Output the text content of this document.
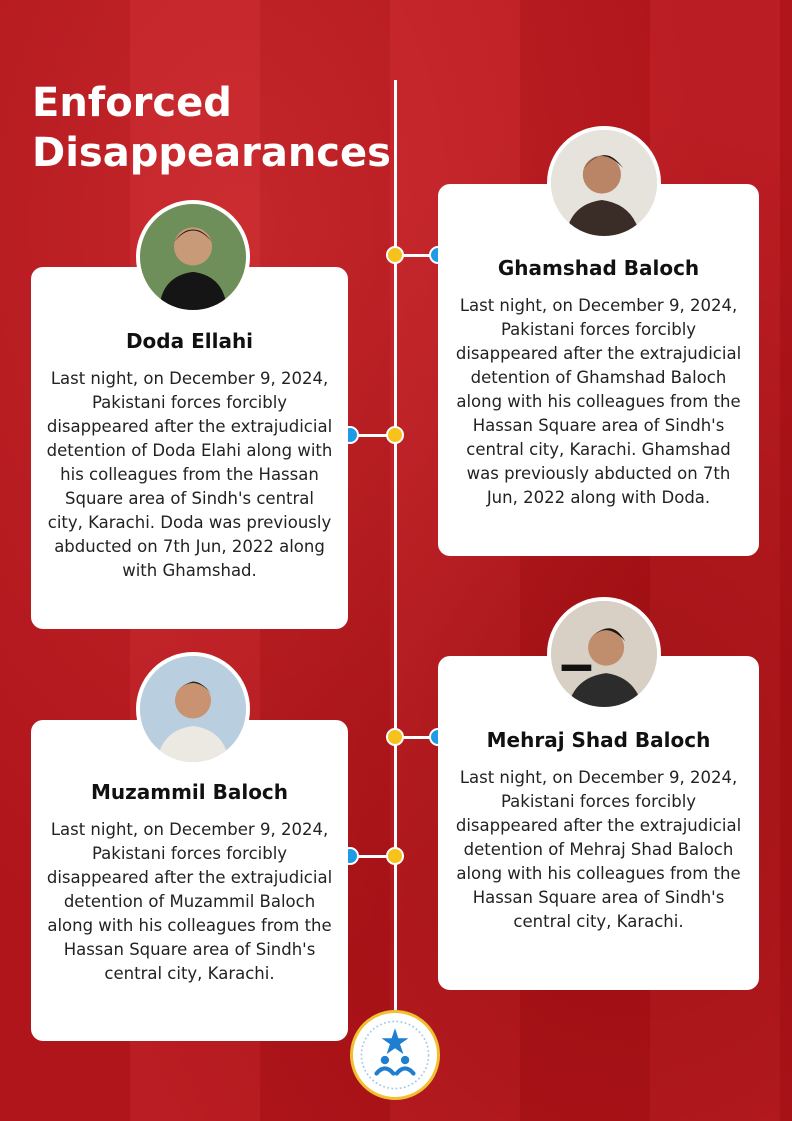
Enforced Disappearances
Doda Ellahi
Last night, on December 9, 2024, Pakistani forces forcibly disappeared after the extrajudicial detention of Doda Elahi along with his colleagues from the Hassan Square area of Sindh's central city, Karachi. Doda was previously abducted on 7th Jun, 2022 along with Ghamshad.
Ghamshad Baloch
Last night, on December 9, 2024, Pakistani forces forcibly disappeared after the extrajudicial detention of Ghamshad Baloch along with his colleagues from the Hassan Square area of Sindh's central city, Karachi. Ghamshad was previously abducted on 7th Jun, 2022 along with Doda.
Muzammil Baloch
Last night, on December 9, 2024, Pakistani forces forcibly disappeared after the extrajudicial detention of Muzammil Baloch along with his colleagues from the Hassan Square area of Sindh's central city, Karachi.
Mehraj Shad Baloch
Last night, on December 9, 2024, Pakistani forces forcibly disappeared after the extrajudicial detention of Mehraj Shad Baloch along with his colleagues from the Hassan Square area of Sindh's central city, Karachi.
